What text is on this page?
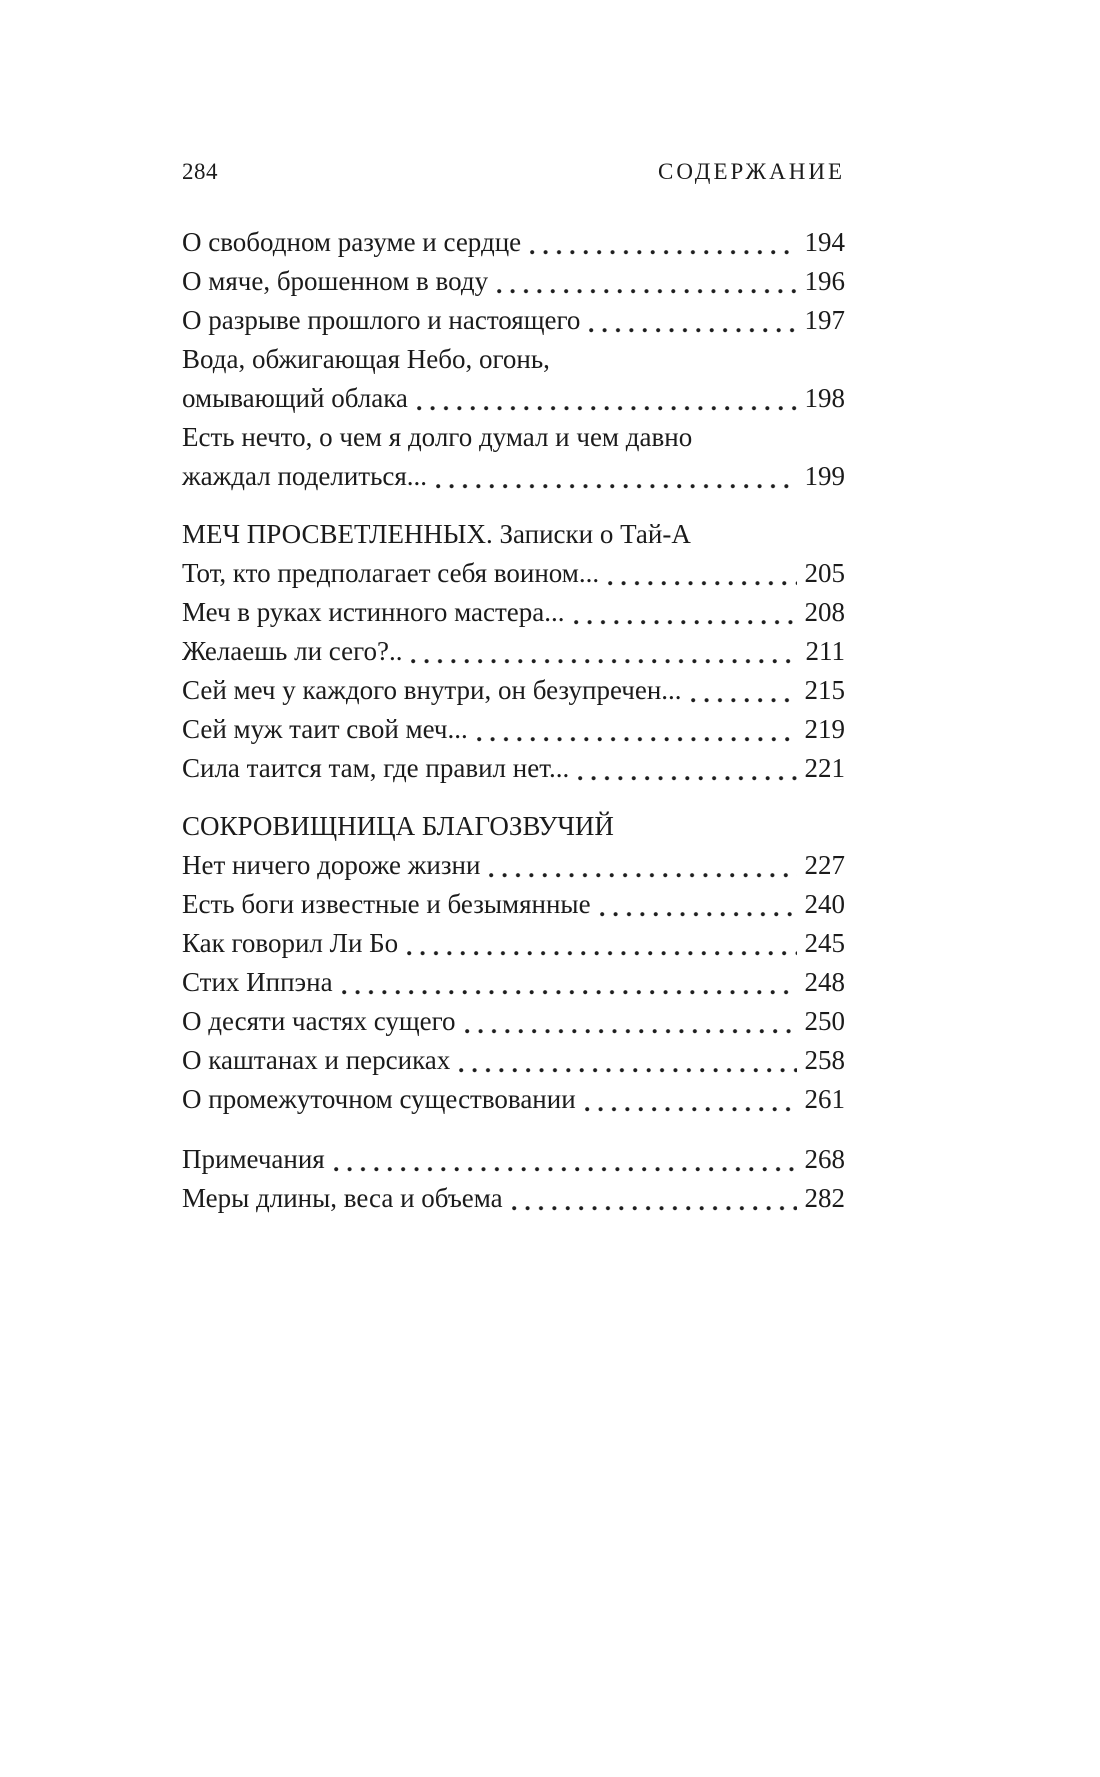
284	СОДЕРЖАНИЕ
О свободном разуме и сердце	194
О мяче, брошенном в воду	196
О разрыве прошлого и настоящего	197
Вода, обжигающая Небо, огонь,
омывающий облака	198
Есть нечто, о чем я долго думал и чем давно
жаждал поделиться...	199
МЕЧ ПРОСВЕТЛЕННЫХ. Записки о Тай-А
Тот, кто предполагает себя воином...	205
Меч в руках истинного мастера...	208
Желаешь ли сего?..	211
Сей меч у каждого внутри, он безупречен...	215
Сей муж таит свой меч...	219
Сила таится там, где правил нет...	221
СОКРОВИЩНИЦА БЛАГОЗВУЧИЙ
Нет ничего дороже жизни	227
Есть боги известные и безымянные	240
Как говорил Ли Бо	245
Стих Иппэна	248
О десяти частях сущего	250
О каштанах и персиках	258
О промежуточном существовании	261
Примечания	268
Меры длины, веса и объема	282
